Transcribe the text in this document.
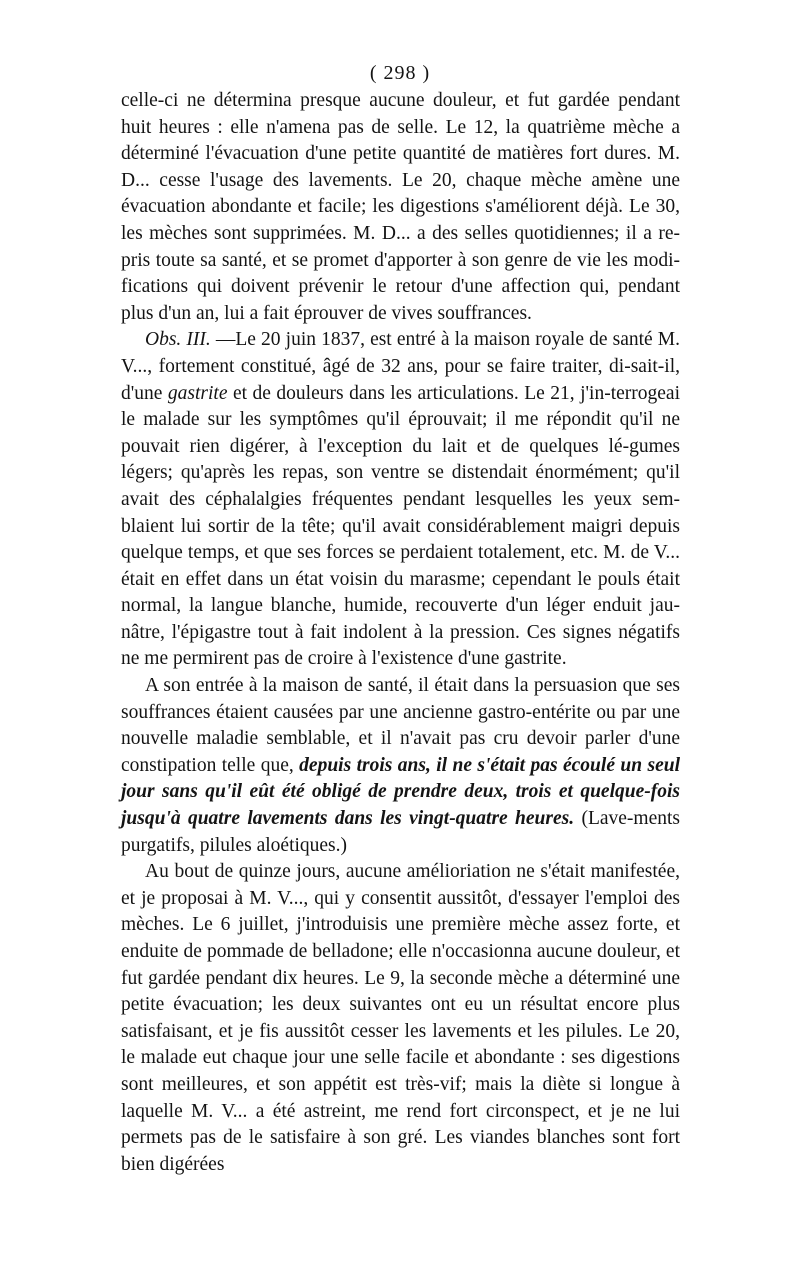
( 298 )

celle-ci ne détermina presque aucune douleur, et fut gardée pendant huit heures : elle n'amena pas de selle. Le 12, la quatrième mèche a déterminé l'évacuation d'une petite quantité de matières fort dures. M. D... cesse l'usage des lavements. Le 20, chaque mèche amène une évacuation abondante et facile; les digestions s'améliorent déjà. Le 30, les mèches sont supprimées. M. D... a des selles quotidiennes; il a re-pris toute sa santé, et se promet d'apporter à son genre de vie les modi-fications qui doivent prévenir le retour d'une affection qui, pendant plus d'un an, lui a fait éprouver de vives souffrances.

Obs. III. —Le 20 juin 1837, est entré à la maison royale de santé M. V..., fortement constitué, âgé de 32 ans, pour se faire traiter, di-sait-il, d'une gastrite et de douleurs dans les articulations. Le 21, j'in-terrogeai le malade sur les symptômes qu'il éprouvait; il me répondit qu'il ne pouvait rien digérer, à l'exception du lait et de quelques lé-gumes légers; qu'après les repas, son ventre se distendait énormément; qu'il avait des céphalalgies fréquentes pendant lesquelles les yeux sem-blaient lui sortir de la tête; qu'il avait considérablement maigri depuis quelque temps, et que ses forces se perdaient totalement, etc. M. de V... était en effet dans un état voisin du marasme; cependant le pouls était normal, la langue blanche, humide, recouverte d'un léger enduit jau-nâtre, l'épigastre tout à fait indolent à la pression. Ces signes négatifs ne me permirent pas de croire à l'existence d'une gastrite.

A son entrée à la maison de santé, il était dans la persuasion que ses souffrances étaient causées par une ancienne gastro-entérite ou par une nouvelle maladie semblable, et il n'avait pas cru devoir parler d'une constipation telle que, depuis trois ans, il ne s'était pas écoulé un seul jour sans qu'il eût été obligé de prendre deux, trois et quelque-fois jusqu'à quatre lavements dans les vingt-quatre heures. (Lave-ments purgatifs, pilules aloétiques.)

Au bout de quinze jours, aucune amélioriation ne s'était manifestée, et je proposai à M. V..., qui y consentit aussitôt, d'essayer l'emploi des mèches. Le 6 juillet, j'introduisis une première mèche assez forte, et enduite de pommade de belladone; elle n'occasionna aucune douleur, et fut gardée pendant dix heures. Le 9, la seconde mèche a déterminé une petite évacuation; les deux suivantes ont eu un résultat encore plus satisfaisant, et je fis aussitôt cesser les lavements et les pilules. Le 20, le malade eut chaque jour une selle facile et abondante : ses digestions sont meilleures, et son appétit est très-vif; mais la diète si longue à laquelle M. V... a été astreint, me rend fort circonspect, et je ne lui permets pas de le satisfaire à son gré. Les viandes blanches sont fort bien digérées
